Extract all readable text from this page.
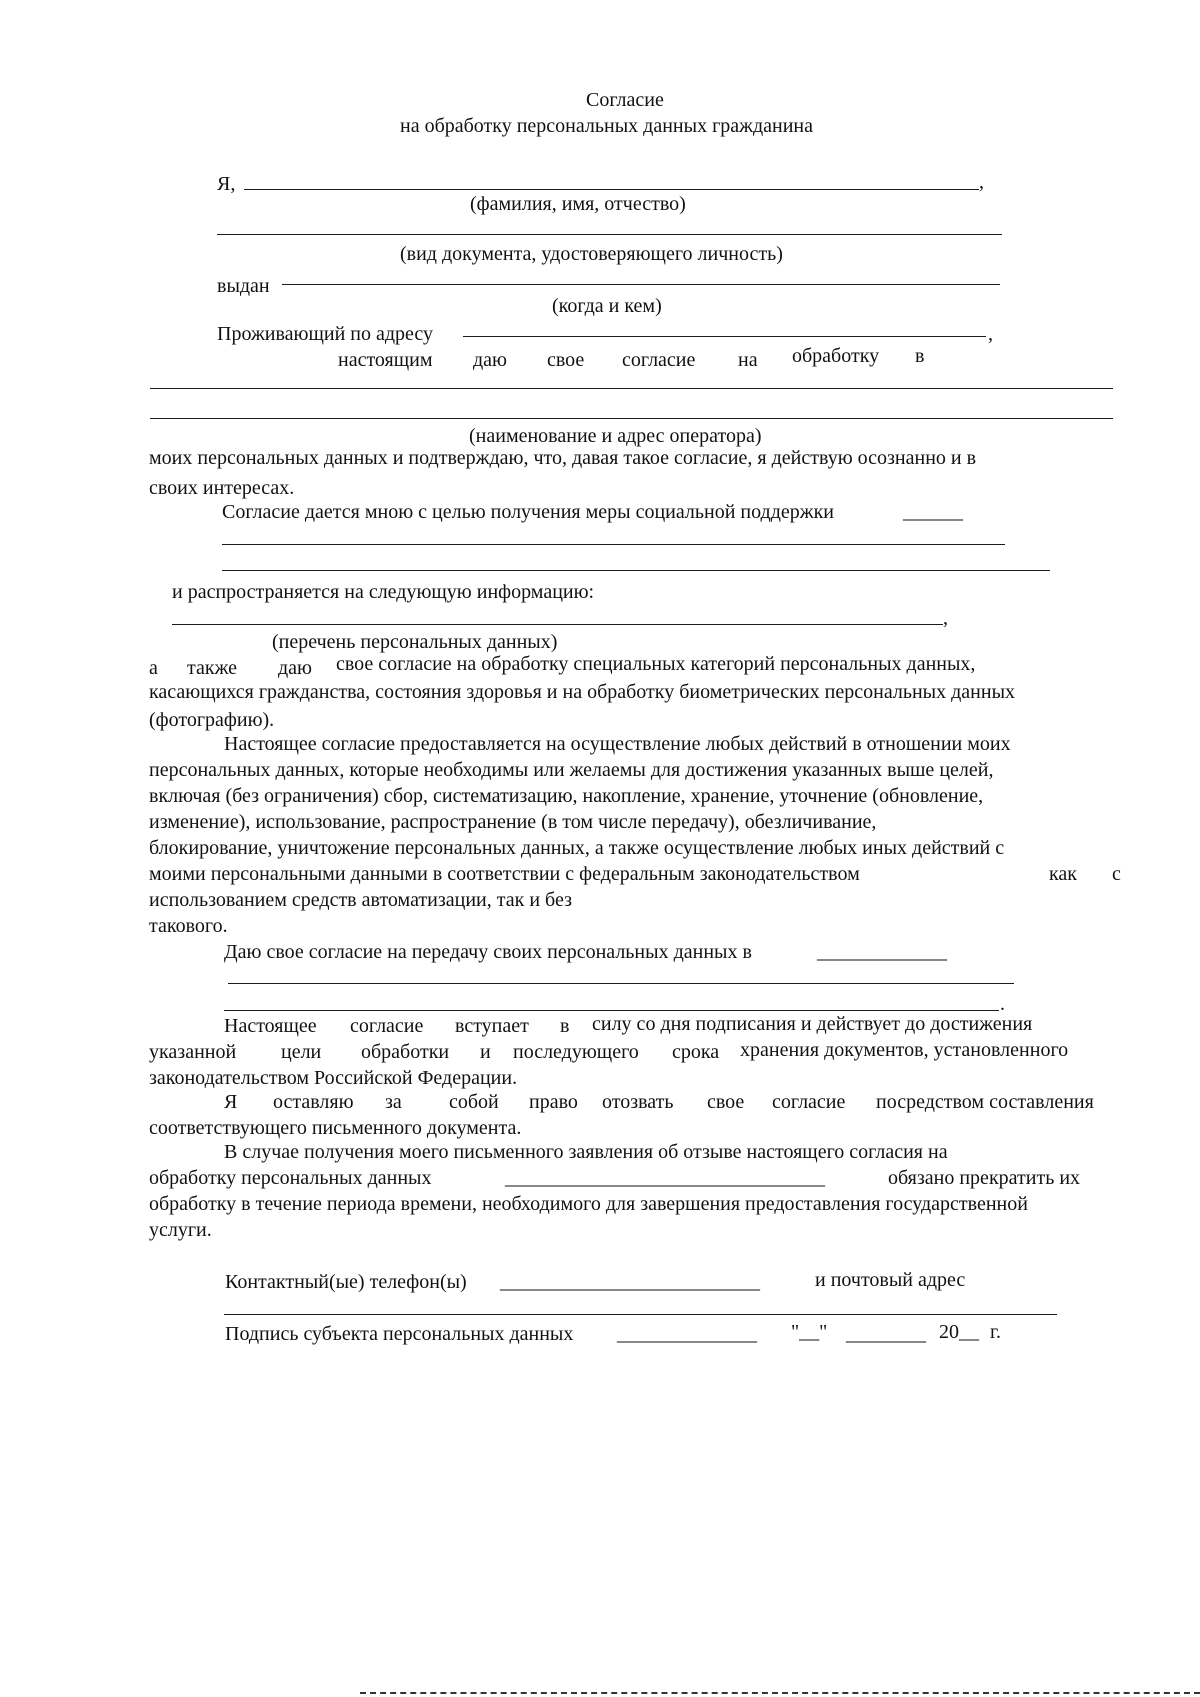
Согласие
на обработку персональных данных гражданина
Я,	,
(фамилия, имя, отчество)
(вид документа, удостоверяющего личность)
выдан
(когда и кем)
Проживающий по адресу	,
настоящим даю свое согласие на обработку в
(наименование и адрес оператора)
моих персональных данных и подтверждаю, что, давая такое согласие, я действую осознанно и в
своих интересах.
Согласие дается мною с целью получения меры социальной поддержки	______
и распространяется на следующую информацию:
,
(перечень персональных данных)
а также даю свое согласие на обработку специальных категорий персональных данных,
касающихся гражданства, состояния здоровья и на обработку биометрических персональных данных
(фотографию).
Настоящее согласие предоставляется на осуществление любых действий в отношении моих
персональных данных, которые необходимы или желаемы для достижения указанных выше целей,
включая (без ограничения) сбор, систематизацию, накопление, хранение, уточнение (обновление,
изменение), использование, распространение (в том числе передачу), обезличивание,
блокирование, уничтожение персональных данных, а также осуществление любых иных действий с
моими персональными данными в соответствии с федеральным законодательством	как с
использованием средств автоматизации, так и без
такового.
Даю свое согласие на передачу своих персональных данных в	_____________
.
Настоящее согласие вступает в силу со дня подписания и действует до достижения
указанной цели обработки и последующего срока хранения документов, установленного
законодательством Российской Федерации.
Я оставляю за собой право отозвать свое согласие посредством составления
соответствующего письменного документа.
В случае получения моего письменного заявления об отзыве настоящего согласия на
обработку персональных данных	________________________________	обязано прекратить их
обработку в течение периода времени, необходимого для завершения предоставления государственной
услуги.
Контактный(ые) телефон(ы) __________________________	и почтовый адрес
Подпись субъекта персональных данных ______________ "__" ________ 20__ г.
